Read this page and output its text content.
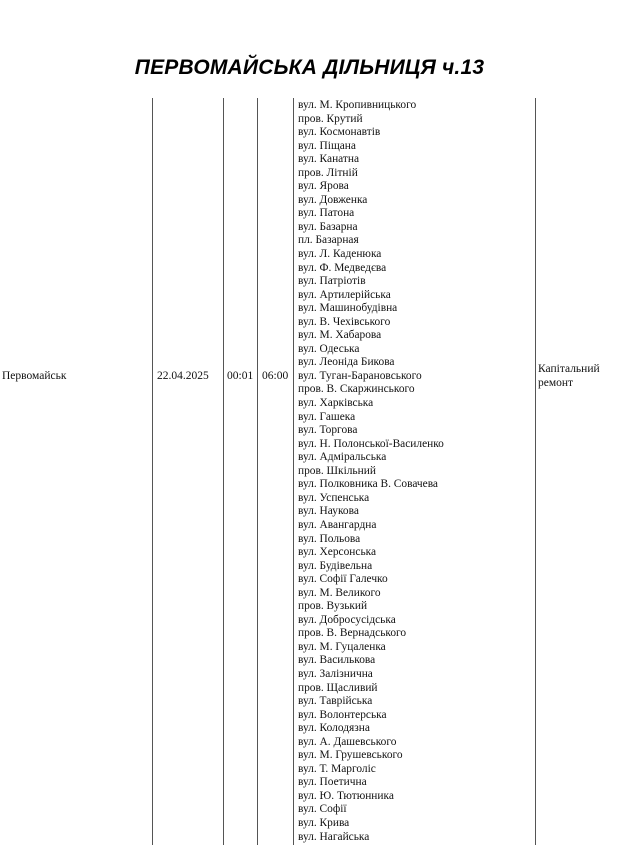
ПЕРВОМАЙСЬКА ДІЛЬНИЦЯ ч.13
Первомайськ	22.04.2025 00:01 06:00
вул. М. Кропивницького
пров. Крутий
вул. Космонавтів
вул. Піщана
вул. Канатна
пров. Літній
вул. Ярова
вул. Довженка
вул. Патона
вул. Базарна
пл. Базарная
вул. Л. Каденюка
вул. Ф. Медведєва
вул. Патріотів
вул. Артилерійська
вул. Машинобудівна
вул. В. Чехівського
вул. М. Хабарова
вул. Одеська
вул. Леоніда Бикова
вул. Туган-Барановського
пров. В. Скаржинського
вул. Харківська
вул. Гашека
вул. Торгова
вул. Н. Полонської-Василенко
вул. Адміральська
пров. Шкільний
вул. Полковника В. Совачева
вул. Успенська
вул. Наукова
вул. Авангардна
вул. Польова
вул. Херсонська
вул. Будівельна
вул. Софії Галечко
вул. М. Великого
пров. Вузький
вул. Добросусідська
пров. В. Вернадського
вул. М. Гуцаленка
вул. Василькова
вул. Залізнична
пров. Щасливий
вул. Таврійська
вул. Волонтерська
вул. Колодязна
вул. А. Дашевського
вул. М. Грушевського
вул. Т. Марголіс
вул. Поетична
вул. Ю. Тютюнника
вул. Софії
вул. Крива
вул. Нагайська
Капітальний
ремонт
